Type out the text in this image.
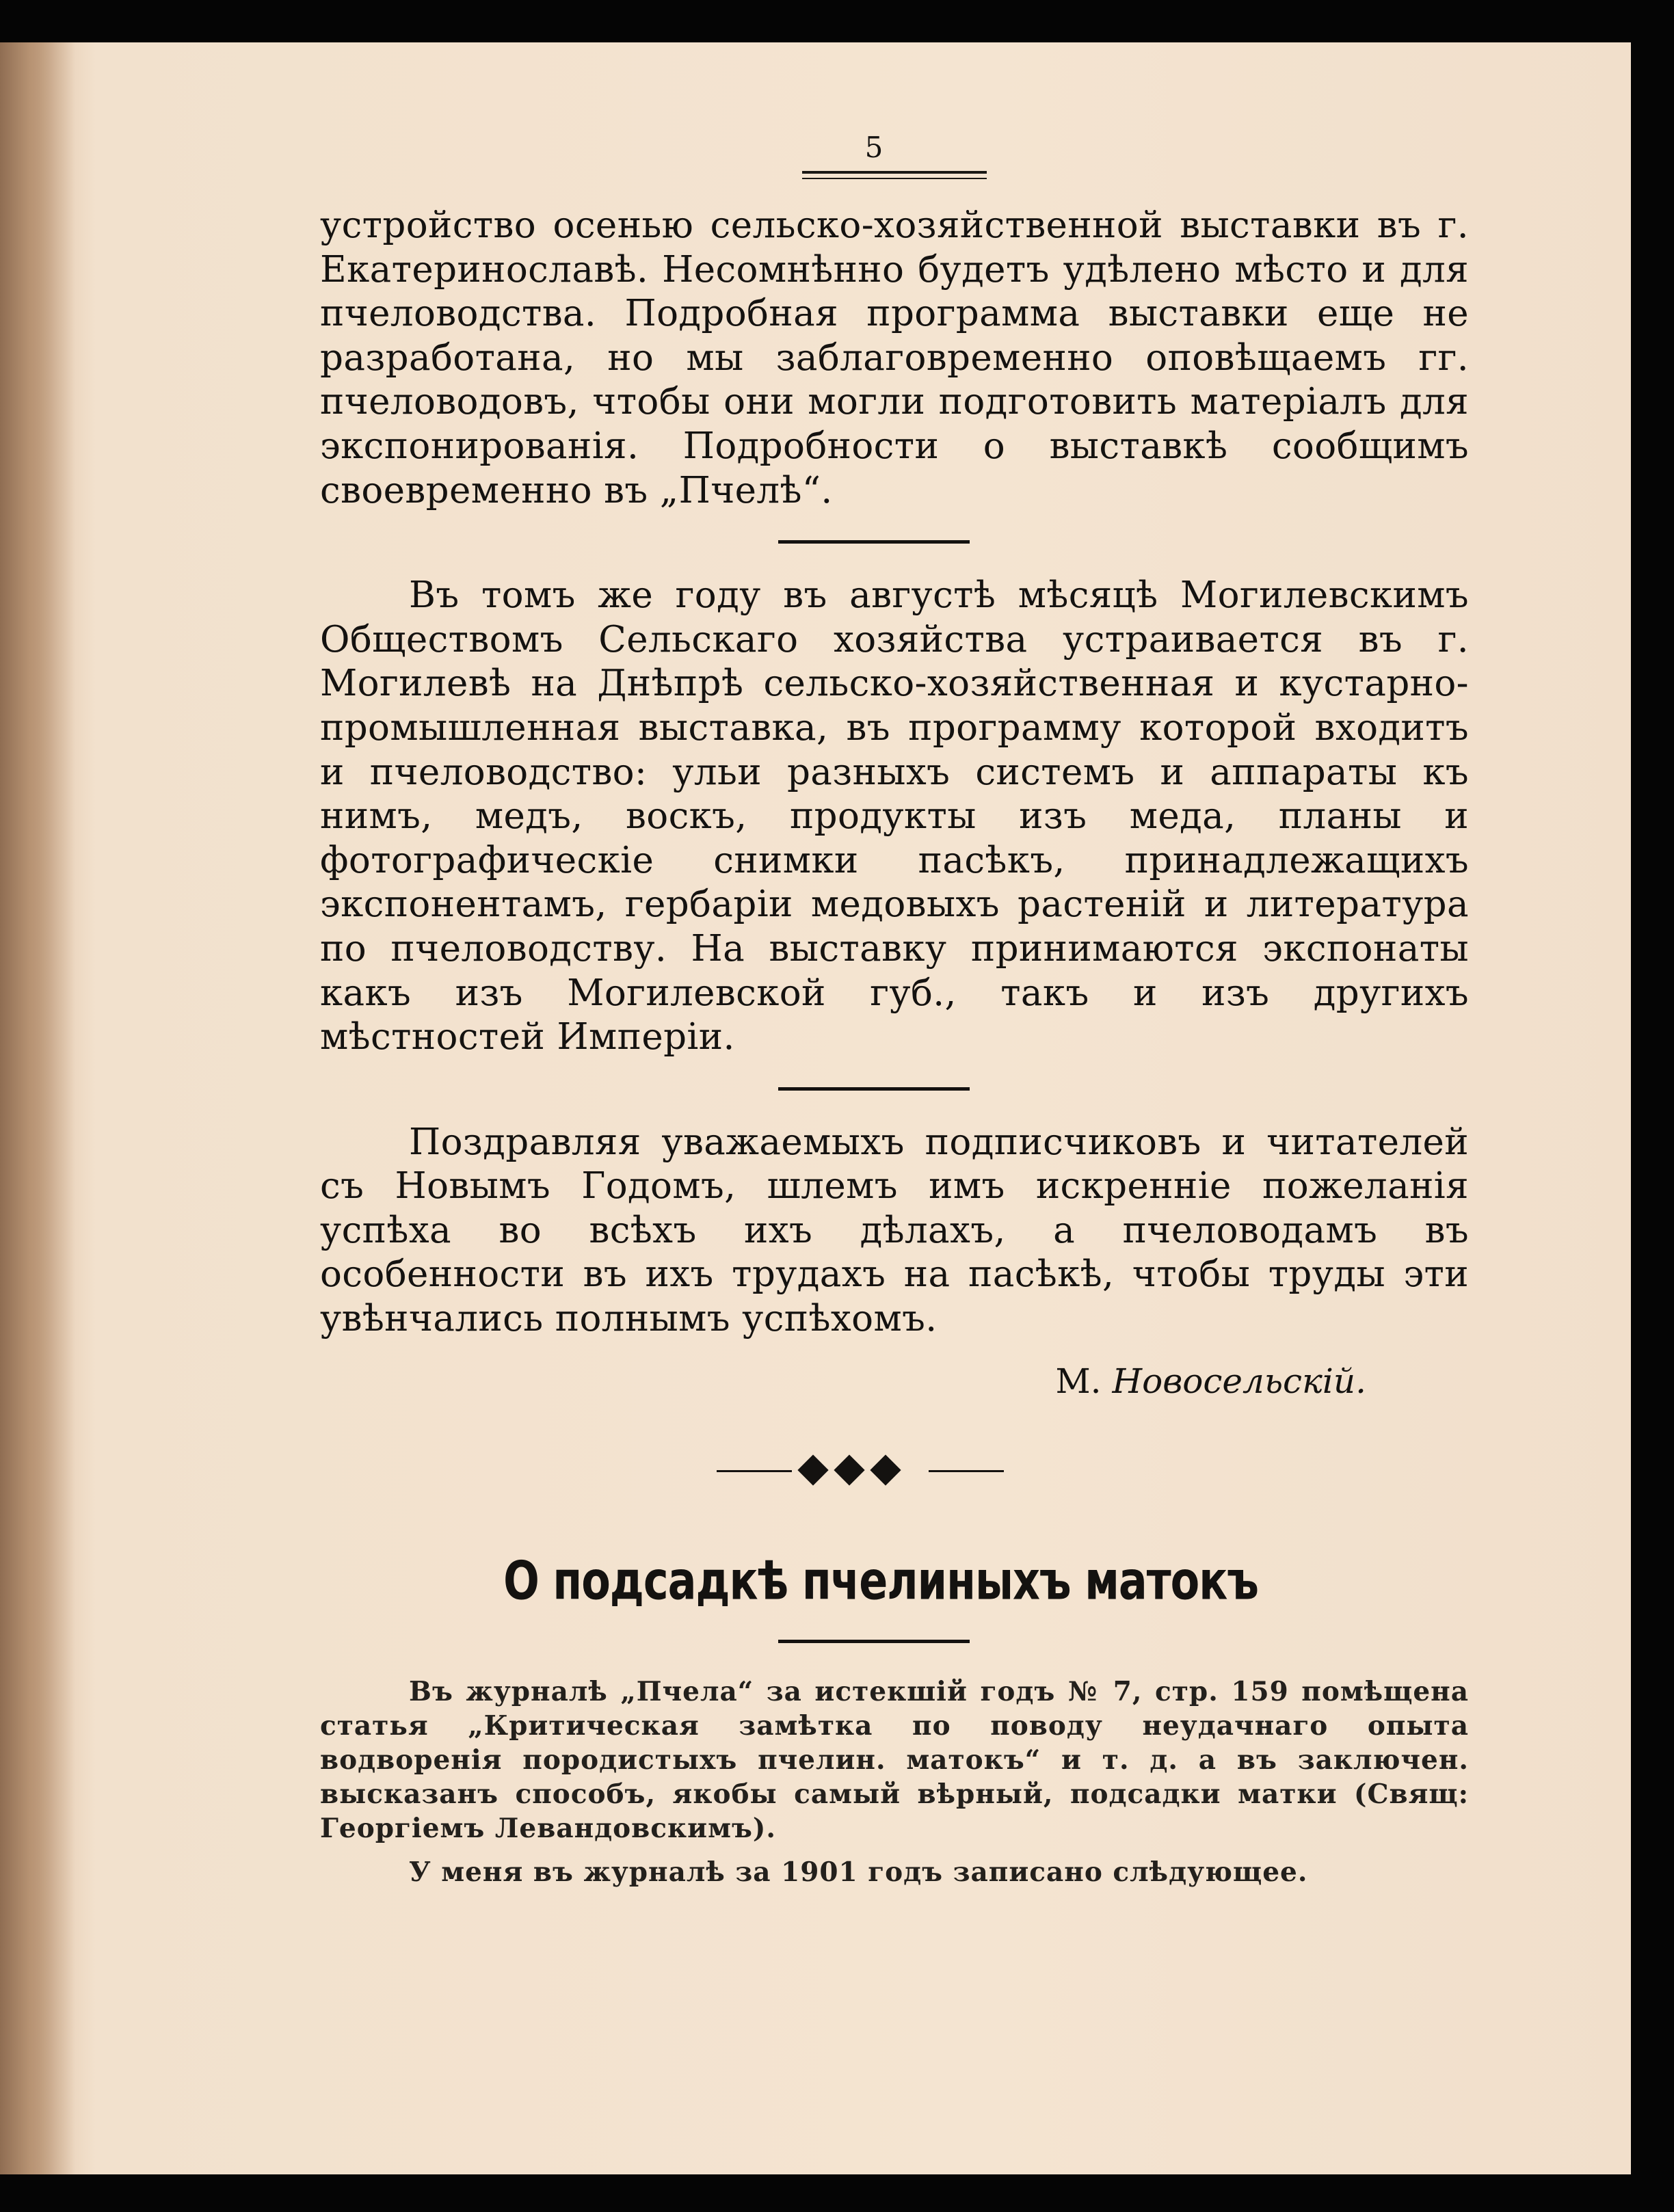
5

устройство осенью сельско-хозяйственной выставки въ г. Екатеринославѣ. Несомнѣнно будетъ удѣлено мѣсто и для пчеловодства. Подробная программа выставки еще не разработана, но мы заблаговременно оповѣщаемъ гг. пчеловодовъ, чтобы они могли подготовить матеріалъ для экспонированія. Подробности о выставкѣ сообщимъ своевременно въ „Пчелѣ“.

Въ томъ же году въ августѣ мѣсяцѣ Могилевскимъ Обществомъ Сельскаго хозяйства устраивается въ г. Могилевѣ на Днѣпрѣ сельско-хозяйственная и кустарно-промышленная выставка, въ программу которой входитъ и пчеловодство: ульи разныхъ системъ и аппараты къ нимъ, медъ, воскъ, продукты изъ меда, планы и фотографическіе снимки пасѣкъ, принадлежащихъ экспонентамъ, гербаріи медовыхъ растеній и литература по пчеловодству. На выставку принимаются экспонаты какъ изъ Могилевской губ., такъ и изъ другихъ мѣстностей Имперіи.

Поздравляя уважаемыхъ подписчиковъ и читателей съ Новымъ Годомъ, шлемъ имъ искренніе пожеланія успѣха во всѣхъ ихъ дѣлахъ, а пчеловодамъ въ особенности въ ихъ трудахъ на пасѣкѣ, чтобы труды эти увѣнчались полнымъ успѣхомъ.

М. Новосельскій.
О подсадкѣ пчелиныхъ матокъ

Въ журналѣ „Пчела“ за истекшій годъ № 7, стр. 159 помѣщена статья „Критическая замѣтка по поводу неудачнаго опыта водворенія породистыхъ пчелин. матокъ“ и т. д. а въ заключен. высказанъ способъ, якобы самый вѣрный, подсадки матки (Свящ: Георгіемъ Левандовскимъ).

У меня въ журналѣ за 1901 годъ записано слѣдующее.
